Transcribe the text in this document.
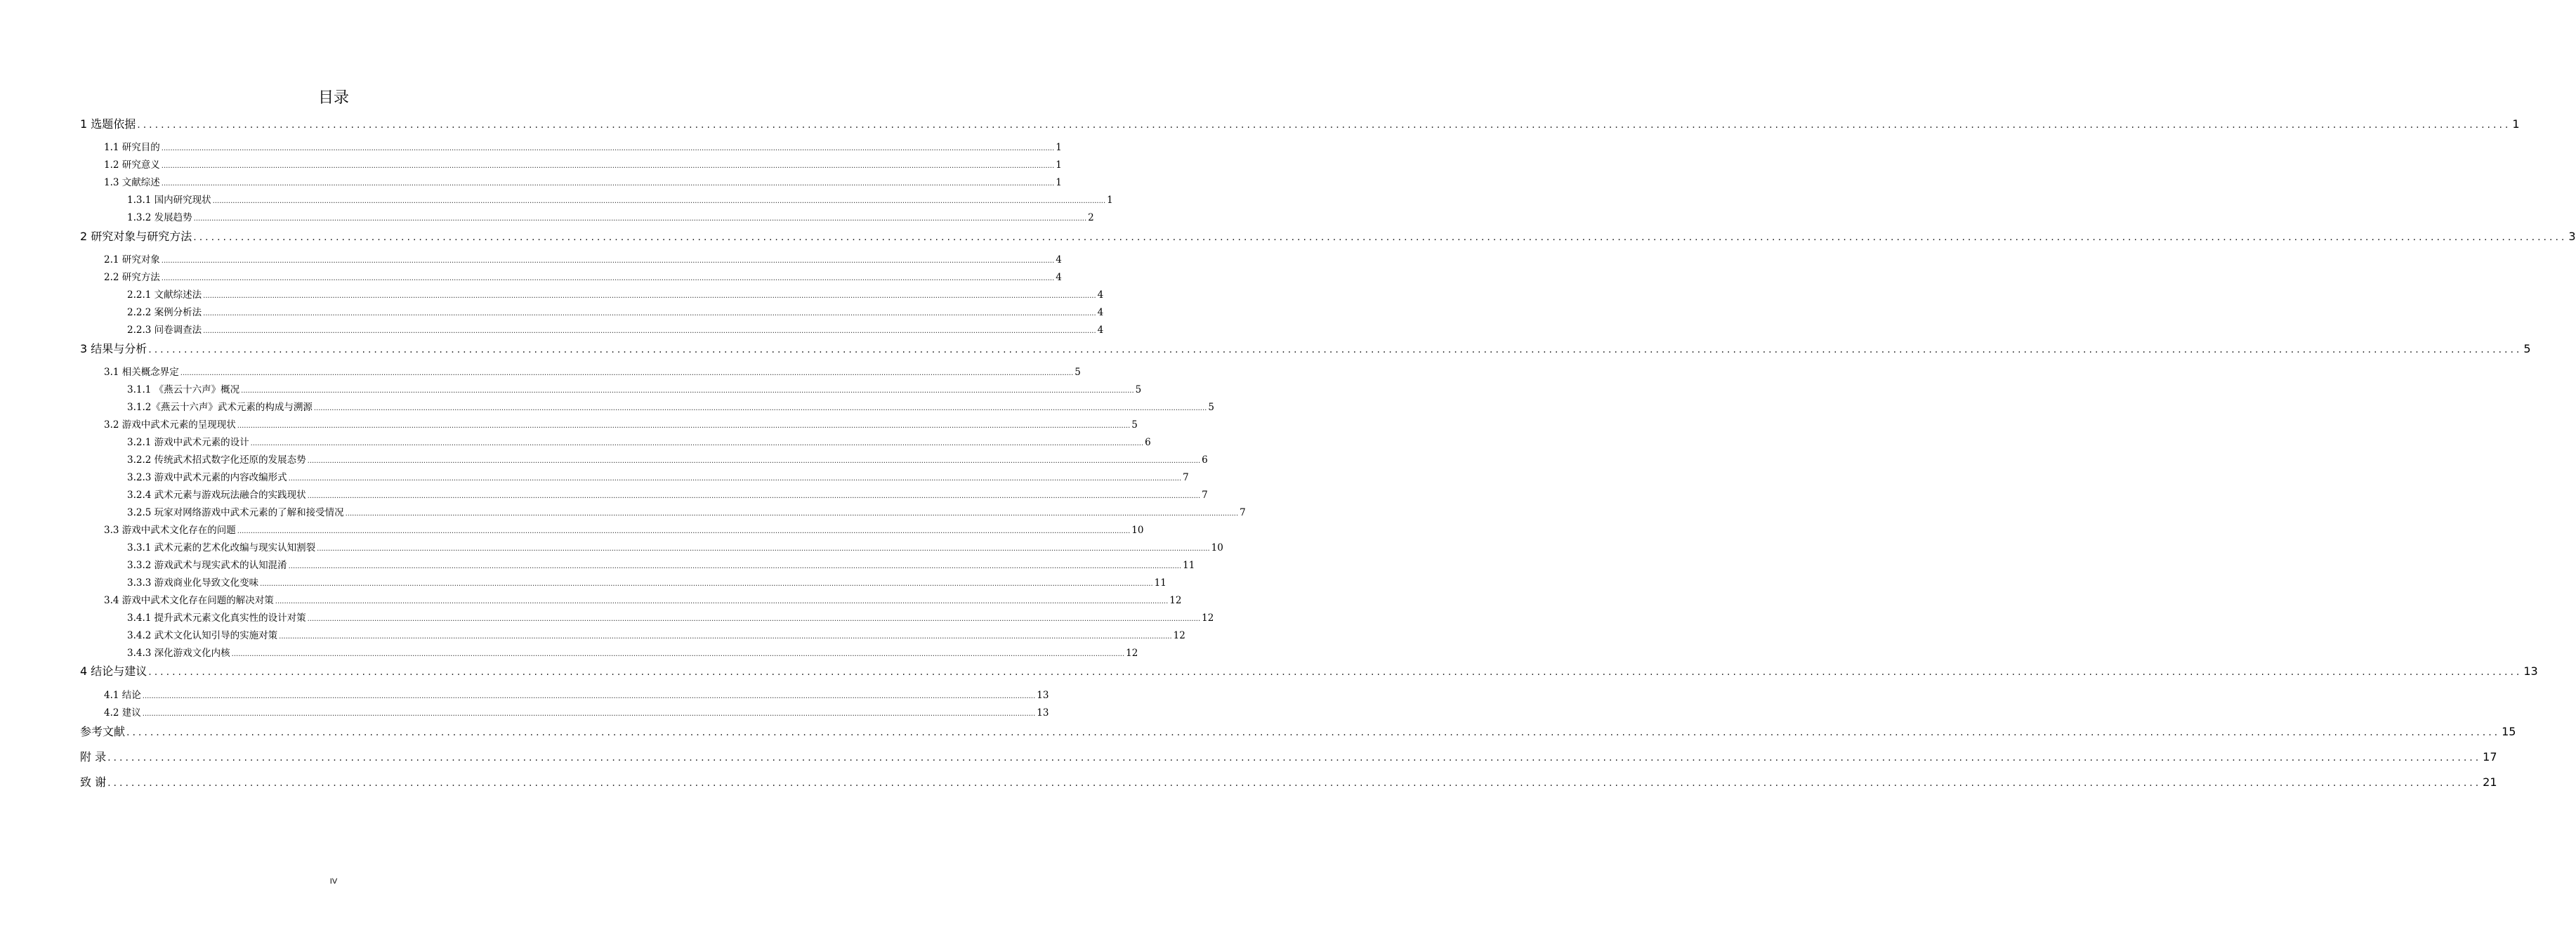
目录
1 选题依据 ................................................................................................................................................................................................................................................................................................................................................................................................................ 1
1.1 研究目的 ................................................................................................................................................................................................................................................................................................................................................................................................................ 1
1.2 研究意义 ................................................................................................................................................................................................................................................................................................................................................................................................................ 1
1.3 文献综述 ................................................................................................................................................................................................................................................................................................................................................................................................................ 1
1.3.1 国内研究现状 ................................................................................................................................................................................................................................................................................................................................................................................................................ 1
1.3.2 发展趋势 ................................................................................................................................................................................................................................................................................................................................................................................................................ 2
2 研究对象与研究方法 ................................................................................................................................................................................................................................................................................................................................................................................................................ 3
2.1 研究对象 ................................................................................................................................................................................................................................................................................................................................................................................................................ 4
2.2 研究方法 ................................................................................................................................................................................................................................................................................................................................................................................................................ 4
2.2.1 文献综述法 ................................................................................................................................................................................................................................................................................................................................................................................................................ 4
2.2.2 案例分析法 ................................................................................................................................................................................................................................................................................................................................................................................................................ 4
2.2.3 问卷调查法 ................................................................................................................................................................................................................................................................................................................................................................................................................ 4
3 结果与分析 ................................................................................................................................................................................................................................................................................................................................................................................................................ 5
3.1 相关概念界定 ................................................................................................................................................................................................................................................................................................................................................................................................................ 5
3.1.1 《燕云十六声》概况 ................................................................................................................................................................................................................................................................................................................................................................................................................ 5
3.1.2《燕云十六声》武术元素的构成与溯源 ................................................................................................................................................................................................................................................................................................................................................................................................................ 5
3.2 游戏中武术元素的呈现现状 ................................................................................................................................................................................................................................................................................................................................................................................................................ 5
3.2.1 游戏中武术元素的设计 ................................................................................................................................................................................................................................................................................................................................................................................................................ 6
3.2.2 传统武术招式数字化还原的发展态势 ................................................................................................................................................................................................................................................................................................................................................................................................................ 6
3.2.3 游戏中武术元素的内容改编形式 ................................................................................................................................................................................................................................................................................................................................................................................................................ 7
3.2.4 武术元素与游戏玩法融合的实践现状 ................................................................................................................................................................................................................................................................................................................................................................................................................ 7
3.2.5 玩家对网络游戏中武术元素的了解和接受情况 ................................................................................................................................................................................................................................................................................................................................................................................................................ 7
3.3 游戏中武术文化存在的问题 ................................................................................................................................................................................................................................................................................................................................................................................................................ 10
3.3.1 武术元素的艺术化改编与现实认知割裂 ................................................................................................................................................................................................................................................................................................................................................................................................................ 10
3.3.2 游戏武术与现实武术的认知混淆 ................................................................................................................................................................................................................................................................................................................................................................................................................ 11
3.3.3 游戏商业化导致文化变味 ................................................................................................................................................................................................................................................................................................................................................................................................................ 11
3.4 游戏中武术文化存在问题的解决对策 ................................................................................................................................................................................................................................................................................................................................................................................................................ 12
3.4.1 提升武术元素文化真实性的设计对策 ................................................................................................................................................................................................................................................................................................................................................................................................................ 12
3.4.2 武术文化认知引导的实施对策 ................................................................................................................................................................................................................................................................................................................................................................................................................ 12
3.4.3 深化游戏文化内核 ................................................................................................................................................................................................................................................................................................................................................................................................................ 12
4 结论与建议 ................................................................................................................................................................................................................................................................................................................................................................................................................ 13
4.1 结论 ................................................................................................................................................................................................................................................................................................................................................................................................................ 13
4.2 建议 ................................................................................................................................................................................................................................................................................................................................................................................................................ 13
参考文献 ................................................................................................................................................................................................................................................................................................................................................................................................................ 15
附 录 ................................................................................................................................................................................................................................................................................................................................................................................................................ 17
致 谢 ................................................................................................................................................................................................................................................................................................................................................................................................................ 21
IV
